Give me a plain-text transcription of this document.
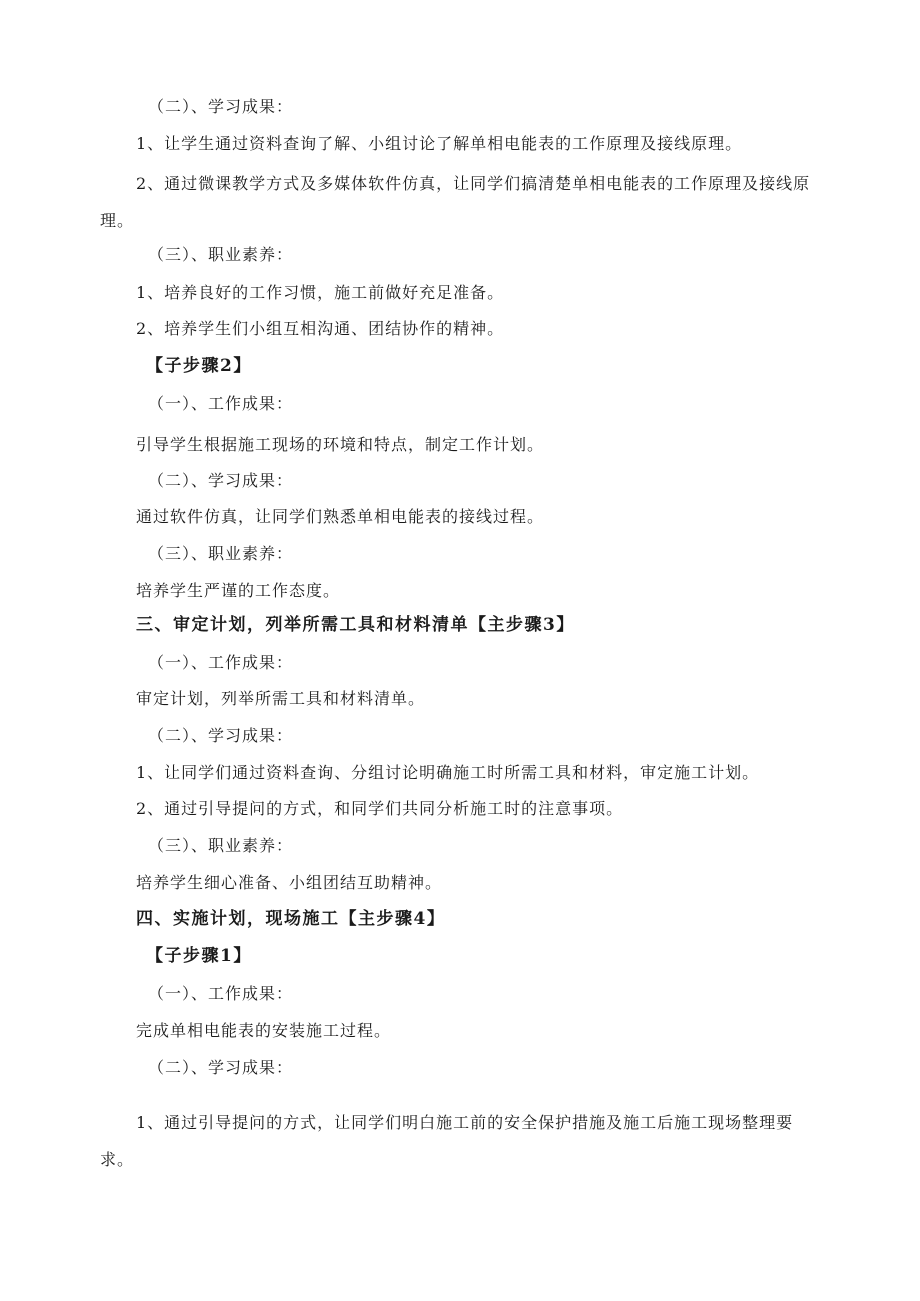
（二）、学习成果：
1、让学生通过资料查询了解、小组讨论了解单相电能表的工作原理及接线原理。
2、通过微课教学方式及多媒体软件仿真，让同学们搞清楚单相电能表的工作原理及接线原理。
（三）、职业素养：
1、培养良好的工作习惯，施工前做好充足准备。
2、培养学生们小组互相沟通、团结协作的精神。
【子步骤2】
（一）、工作成果：
引导学生根据施工现场的环境和特点，制定工作计划。
（二）、学习成果：
通过软件仿真，让同学们熟悉单相电能表的接线过程。
（三）、职业素养：
培养学生严谨的工作态度。
三、审定计划，列举所需工具和材料清单【主步骤3】
（一）、工作成果：
审定计划，列举所需工具和材料清单。
（二）、学习成果：
1、让同学们通过资料查询、分组讨论明确施工时所需工具和材料，审定施工计划。
2、通过引导提问的方式，和同学们共同分析施工时的注意事项。
（三）、职业素养：
培养学生细心准备、小组团结互助精神。
四、实施计划，现场施工【主步骤4】
【子步骤1】
（一）、工作成果：
完成单相电能表的安装施工过程。
（二）、学习成果：
1、通过引导提问的方式，让同学们明白施工前的安全保护措施及施工后施工现场整理要求。
